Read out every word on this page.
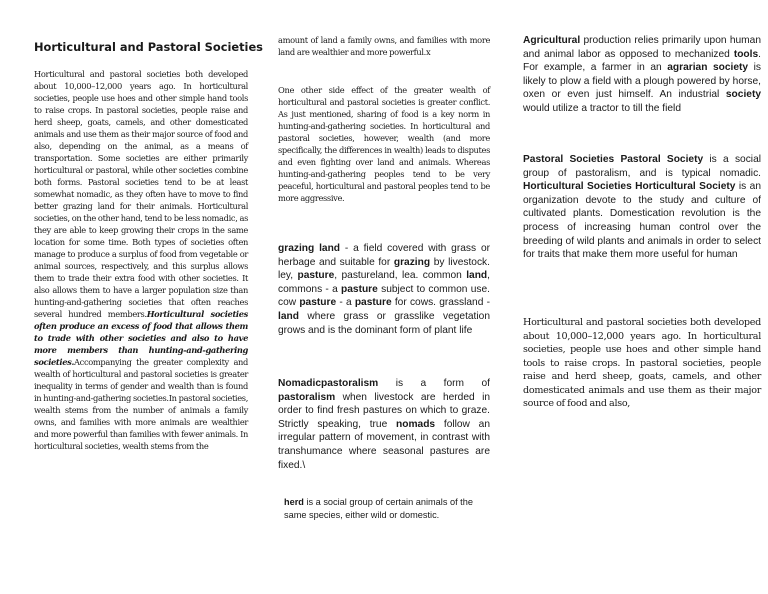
Horticultural and Pastoral Societies

Horticultural and pastoral societies both developed about 10,000–12,000 years ago. In horticultural societies, people use hoes and other simple hand tools to raise crops. In pastoral societies, people raise and herd sheep, goats, camels, and other domesticated animals and use them as their major source of food and also, depending on the animal, as a means of transportation. Some societies are either primarily horticultural or pastoral, while other societies combine both forms. Pastoral societies tend to be at least somewhat nomadic, as they often have to move to find better grazing land for their animals. Horticultural societies, on the other hand, tend to be less nomadic, as they are able to keep growing their crops in the same location for some time. Both types of societies often manage to produce a surplus of food from vegetable or animal sources, respectively, and this surplus allows them to trade their extra food with other societies. It also allows them to have a larger population size than hunting-and-gathering societies that often reaches several hundred members.Horticultural societies often produce an excess of food that allows them to trade with other societies and also to have more members than hunting-and-gathering societies.Accompanying the greater complexity and wealth of horticultural and pastoral societies is greater inequality in terms of gender and wealth than is found in hunting-and-gathering societies.In pastoral societies, wealth stems from the number of animals a family owns, and families with more animals are wealthier and more powerful than families with fewer animals. In horticultural societies, wealth stems from the

amount of land a family owns, and families with more land are wealthier and more powerful.x

One other side effect of the greater wealth of horticultural and pastoral societies is greater conflict. As just mentioned, sharing of food is a key norm in hunting-and-gathering societies. In horticultural and pastoral societies, however, wealth (and more specifically, the differences in wealth) leads to disputes and even fighting over land and animals. Whereas hunting-and-gathering peoples tend to be very peaceful, horticultural and pastoral peoples tend to be more aggressive.

grazing land - a field covered with grass or herbage and suitable for grazing by livestock. ley, pasture, pastureland, lea. common land, commons - a pasture subject to common use. cow pasture - a pasture for cows. grassland - land where grass or grasslike vegetation grows and is the dominant form of plant life

Nomadicpastoralism is a form of pastoralism when livestock are herded in order to find fresh pastures on which to graze. Strictly speaking, true nomads follow an irregular pattern of movement, in contrast with transhumance where seasonal pastures are fixed.\

herd is a social group of certain animals of the same species, either wild or domestic.

Agricultural production relies primarily upon human and animal labor as opposed to mechanized tools. For example, a farmer in an agrarian society is likely to plow a field with a plough powered by horse, oxen or even just himself. An industrial society would utilize a tractor to till the field

Pastoral Societies Pastoral Society is a social group of pastoralism, and is typical nomadic. Horticultural Societies Horticultural Society is an organization devote to the study and culture of cultivated plants. Domestication revolution is the process of increasing human control over the breeding of wild plants and animals in order to select for traits that make them more useful for human

Horticultural and pastoral societies both developed about 10,000–12,000 years ago. In horticultural societies, people use hoes and other simple hand tools to raise crops. In pastoral societies, people raise and herd sheep, goats, camels, and other domesticated animals and use them as their major source of food and also,
